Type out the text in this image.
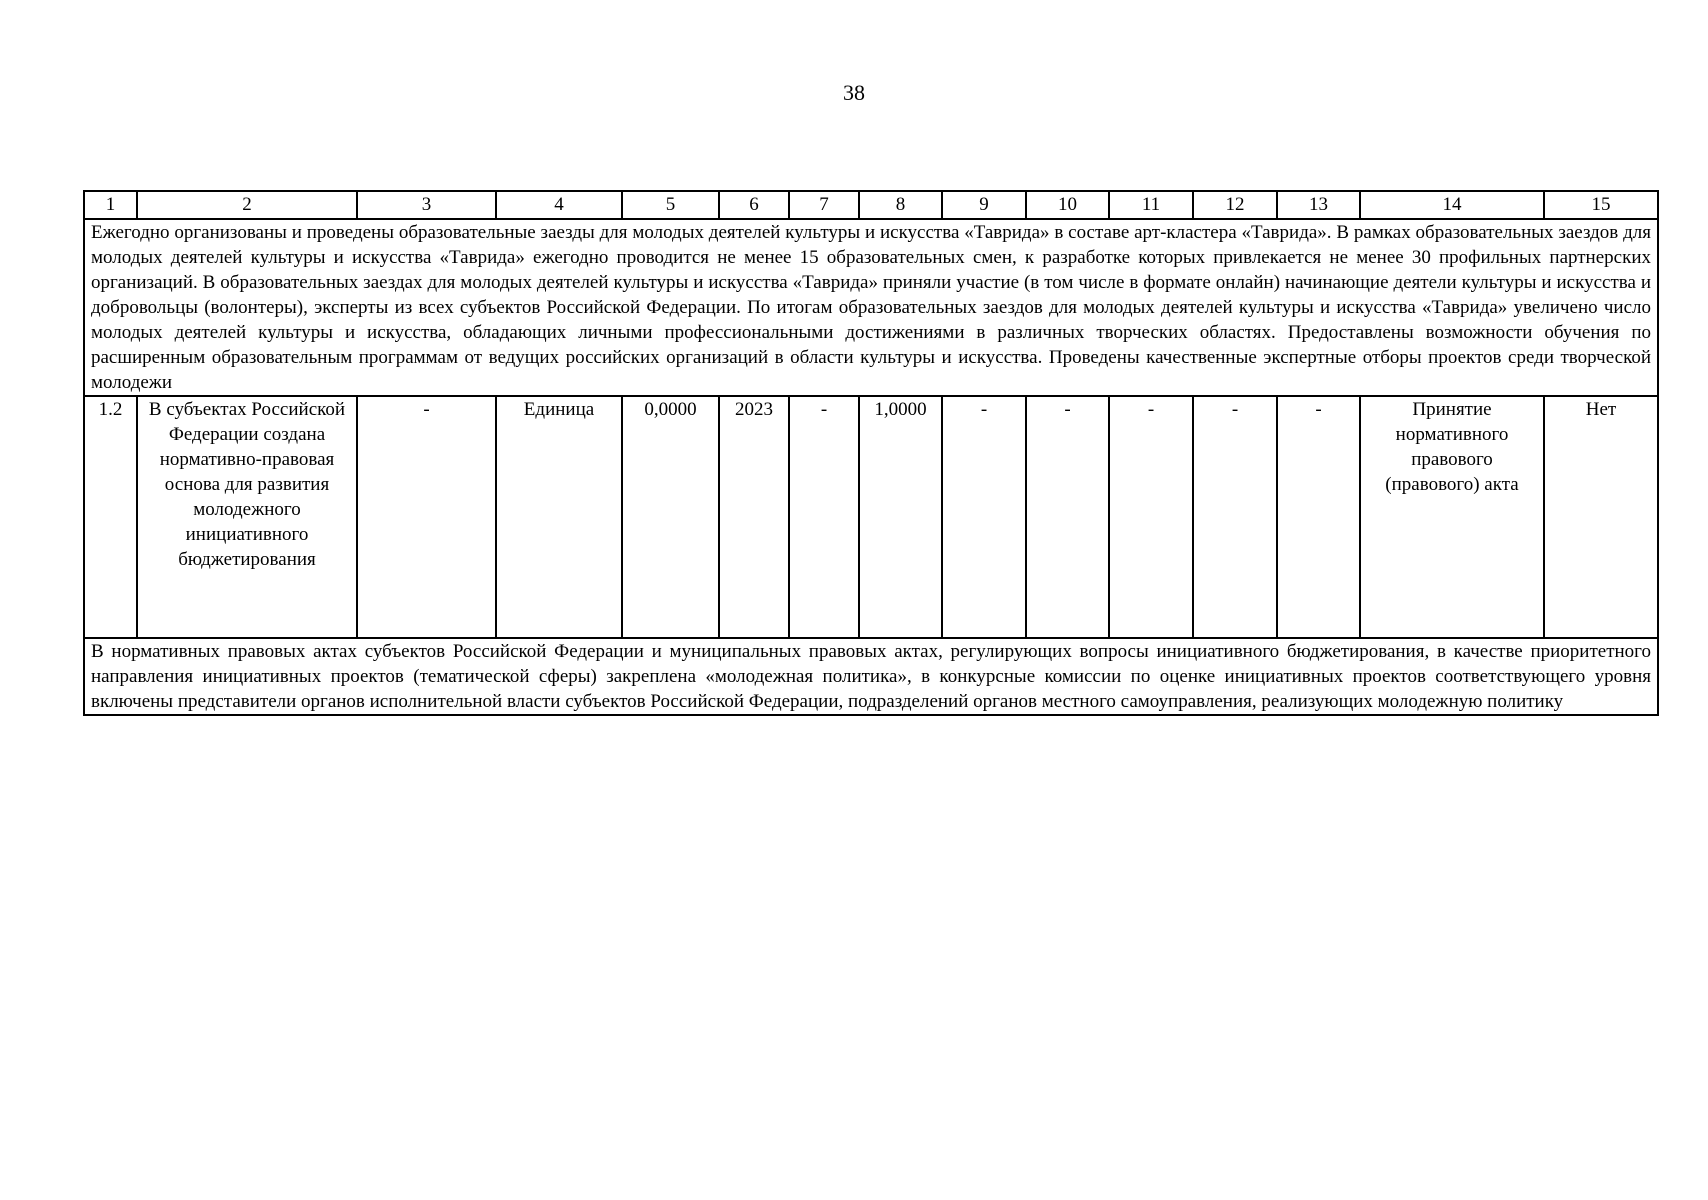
38
1	2	3	4	5	6	7	8	9	10	11	12	13	14	15
Ежегодно организованы и проведены образовательные заезды для молодых деятелей культуры и искусства «Таврида» в составе арт-кластера «Таврида». В рамках образовательных заездов для молодых деятелей культуры и искусства «Таврида» ежегодно проводится не менее 15 образовательных смен, к разработке которых привлекается не менее 30 профильных партнерских организаций. В образовательных заездах для молодых деятелей культуры и искусства «Таврида» приняли участие (в том числе в формате онлайн) начинающие деятели культуры и искусства и добровольцы (волонтеры), эксперты из всех субъектов Российской Федерации. По итогам образовательных заездов для молодых деятелей культуры и искусства «Таврида» увеличено число молодых деятелей культуры и искусства, обладающих личными профессиональными достижениями в различных творческих областях. Предоставлены возможности обучения по расширенным образовательным программам от ведущих российских организаций в области культуры и искусства. Проведены качественные экспертные отборы проектов среди творческой молодежи														
1.2	В субъектах Российской Федерации создана нормативно-правовая основа для развития молодежного инициативного бюджетирования	-	Единица	0,0000	2023	-	1,0000	-	-	-	-	-	Принятие нормативного правового (правового) акта	Нет
В нормативных правовых актах субъектов Российской Федерации и муниципальных правовых актах, регулирующих вопросы инициативного бюджетирования, в качестве приоритетного направления инициативных проектов (тематической сферы) закреплена «молодежная политика», в конкурсные комиссии по оценке инициативных проектов соответствующего уровня включены представители органов исполнительной власти субъектов Российской Федерации, подразделений органов местного самоуправления, реализующих молодежную политику														
